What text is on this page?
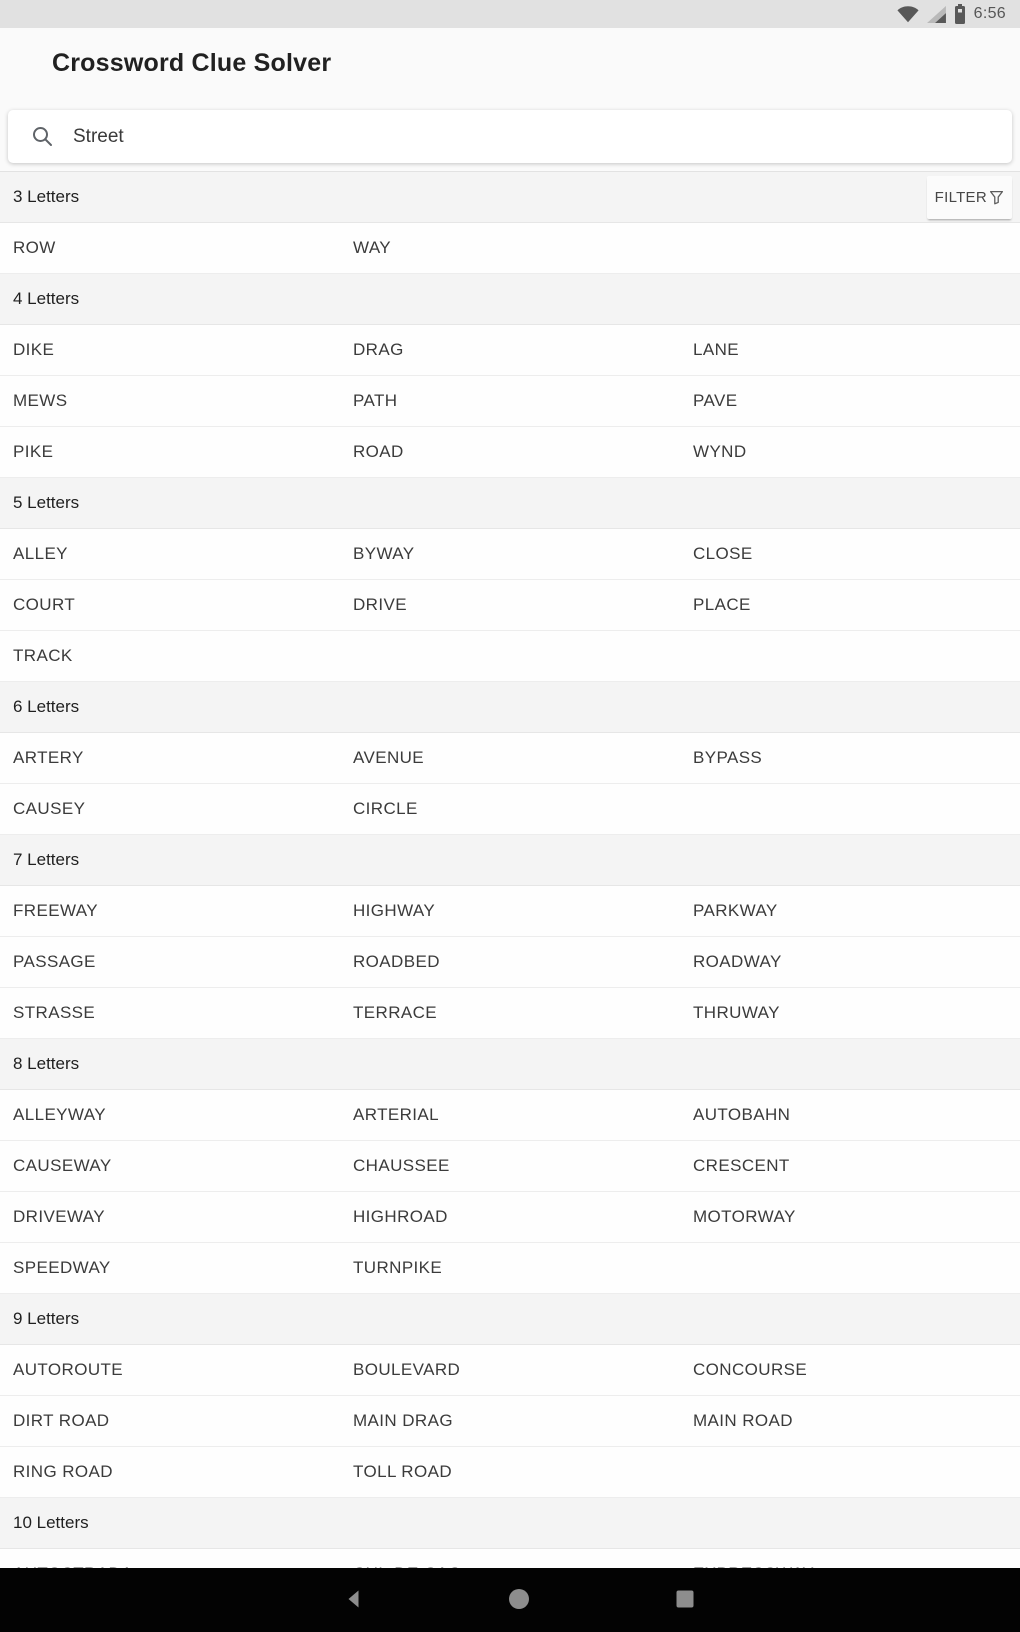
6:56
Crossword Clue Solver
Street
3 Letters	FILTER
ROW	WAY
4 Letters
DIKE	DRAG	LANE
MEWS	PATH	PAVE
PIKE	ROAD	WYND
5 Letters
ALLEY	BYWAY	CLOSE
COURT	DRIVE	PLACE
TRACK
6 Letters
ARTERY	AVENUE	BYPASS
CAUSEY	CIRCLE
7 Letters
FREEWAY	HIGHWAY	PARKWAY
PASSAGE	ROADBED	ROADWAY
STRASSE	TERRACE	THRUWAY
8 Letters
ALLEYWAY	ARTERIAL	AUTOBAHN
CAUSEWAY	CHAUSSEE	CRESCENT
DRIVEWAY	HIGHROAD	MOTORWAY
SPEEDWAY	TURNPIKE
9 Letters
AUTOROUTE	BOULEVARD	CONCOURSE
DIRT ROAD	MAIN DRAG	MAIN ROAD
RING ROAD	TOLL ROAD
10 Letters
